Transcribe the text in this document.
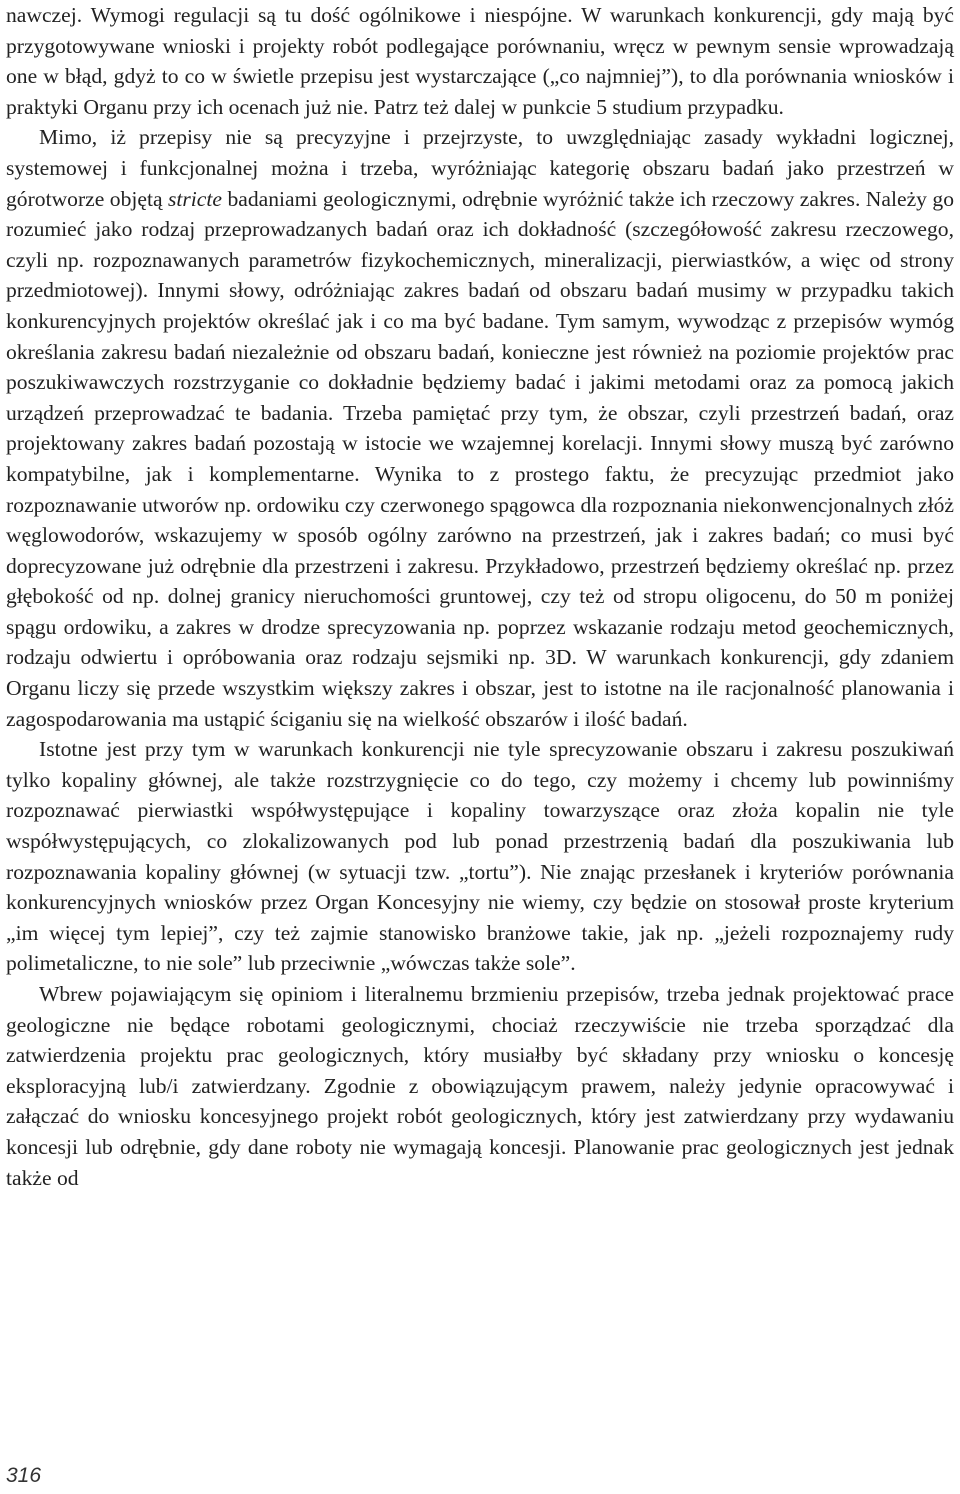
nawczej. Wymogi regulacji są tu dość ogólnikowe i niespójne. W warunkach konkurencji, gdy mają być przygotowywane wnioski i projekty robót podlegające porównaniu, wręcz w pewnym sensie wprowadzają one w błąd, gdyż to co w świetle przepisu jest wystarczające („co najmniej”), to dla porównania wniosków i praktyki Organu przy ich ocenach już nie. Patrz też dalej w punkcie 5 studium przypadku.

Mimo, iż przepisy nie są precyzyjne i przejrzyste, to uwzględniając zasady wykładni logicznej, systemowej i funkcjonalnej można i trzeba, wyróżniając kategorię obszaru badań jako przestrzeń w górotworze objętą stricte badaniami geologicznymi, odrębnie wyróżnić także ich rzeczowy zakres. Należy go rozumieć jako rodzaj przeprowadzanych badań oraz ich dokładność (szczegółowość zakresu rzeczowego, czyli np. rozpoznawanych parametrów fizykochemicznych, mineralizacji, pierwiastków, a więc od strony przedmiotowej). Innymi słowy, odróżniając zakres badań od obszaru badań musimy w przypadku takich konkurencyjnych projektów określać jak i co ma być badane. Tym samym, wywodząc z przepisów wymóg określania zakresu badań niezależnie od obszaru badań, konieczne jest również na poziomie projektów prac poszukiwawczych rozstrzyganie co dokładnie będziemy badać i jakimi metodami oraz za pomocą jakich urządzeń przeprowadzać te badania. Trzeba pamiętać przy tym, że obszar, czyli przestrzeń badań, oraz projektowany zakres badań pozostają w istocie we wzajemnej korelacji. Innymi słowy muszą być zarówno kompatybilne, jak i komplementarne. Wynika to z prostego faktu, że precyzując przedmiot jako rozpoznawanie utworów np. ordowiku czy czerwonego spągowca dla rozpoznania niekonwencjonalnych złóż węglowodorów, wskazujemy w sposób ogólny zarówno na przestrzeń, jak i zakres badań; co musi być doprecyzowane już odrębnie dla przestrzeni i zakresu. Przykładowo, przestrzeń będziemy określać np. przez głębokość od np. dolnej granicy nieruchomości gruntowej, czy też od stropu oligocenu, do 50 m poniżej spągu ordowiku, a zakres w drodze sprecyzowania np. poprzez wskazanie rodzaju metod geochemicznych, rodzaju odwiertu i opróbowania oraz rodzaju sejsmiki np. 3D. W warunkach konkurencji, gdy zdaniem Organu liczy się przede wszystkim większy zakres i obszar, jest to istotne na ile racjonalność planowania i zagospodarowania ma ustąpić ściganiu się na wielkość obszarów i ilość badań.

Istotne jest przy tym w warunkach konkurencji nie tyle sprecyzowanie obszaru i zakresu poszukiwań tylko kopaliny głównej, ale także rozstrzygnięcie co do tego, czy możemy i chcemy lub powinniśmy rozpoznawać pierwiastki współwystępujące i kopaliny towarzyszące oraz złoża kopalin nie tyle współwystępujących, co zlokalizowanych pod lub ponad przestrzenią badań dla poszukiwania lub rozpoznawania kopaliny głównej (w sytuacji tzw. „tortu”). Nie znając przesłanek i kryteriów porównania konkurencyjnych wniosków przez Organ Koncesyjny nie wiemy, czy będzie on stosował proste kryterium „im więcej tym lepiej”, czy też zajmie stanowisko branżowe takie, jak np. „jeżeli rozpoznajemy rudy polimetaliczne, to nie sole” lub przeciwnie „wówczas także sole”.

Wbrew pojawiającym się opiniom i literalnemu brzmieniu przepisów, trzeba jednak projektować prace geologiczne nie będące robotami geologicznymi, chociaż rzeczywiście nie trzeba sporządzać dla zatwierdzenia projektu prac geologicznych, który musiałby być składany przy wniosku o koncesję eksploracyjną lub/i zatwierdzany. Zgodnie z obowiązującym prawem, należy jedynie opracowywać i załączać do wniosku koncesyjnego projekt robót geologicznych, który jest zatwierdzany przy wydawaniu koncesji lub odrębnie, gdy dane roboty nie wymagają koncesji. Planowanie prac geologicznych jest jednak także od

316
